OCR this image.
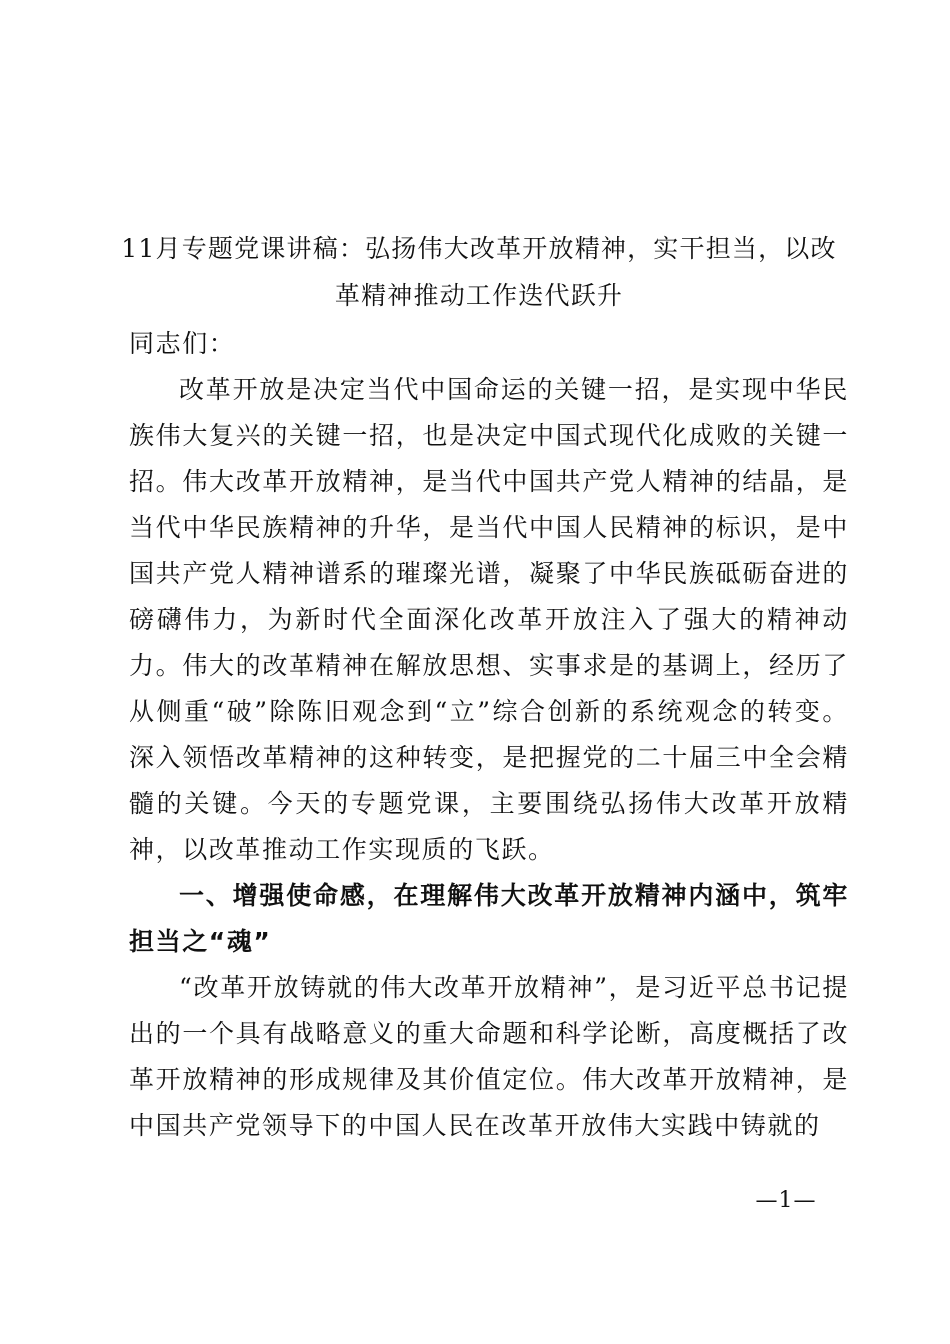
11月专题党课讲稿：弘扬伟大改革开放精神，实干担当，以改
革精神推动工作迭代跃升

同志们：

改革开放是决定当代中国命运的关键一招，是实现中华民族伟大复兴的关键一招，也是决定中国式现代化成败的关键一招。伟大改革开放精神，是当代中国共产党人精神的结晶，是当代中华民族精神的升华，是当代中国人民精神的标识，是中国共产党人精神谱系的璀璨光谱，凝聚了中华民族砥砺奋进的磅礴伟力，为新时代全面深化改革开放注入了强大的精神动力。伟大的改革精神在解放思想、实事求是的基调上，经历了从侧重“破”除陈旧观念到“立”综合创新的系统观念的转变。深入领悟改革精神的这种转变，是把握党的二十届三中全会精髓的关键。今天的专题党课，主要围绕弘扬伟大改革开放精神，以改革推动工作实现质的飞跃。

一、增强使命感，在理解伟大改革开放精神内涵中，筑牢担当之“魂”

“改革开放铸就的伟大改革开放精神”，是习近平总书记提出的一个具有战略意义的重大命题和科学论断，高度概括了改革开放精神的形成规律及其价值定位。伟大改革开放精神，是中国共产党领导下的中国人民在改革开放伟大实践中铸就的

—1—
